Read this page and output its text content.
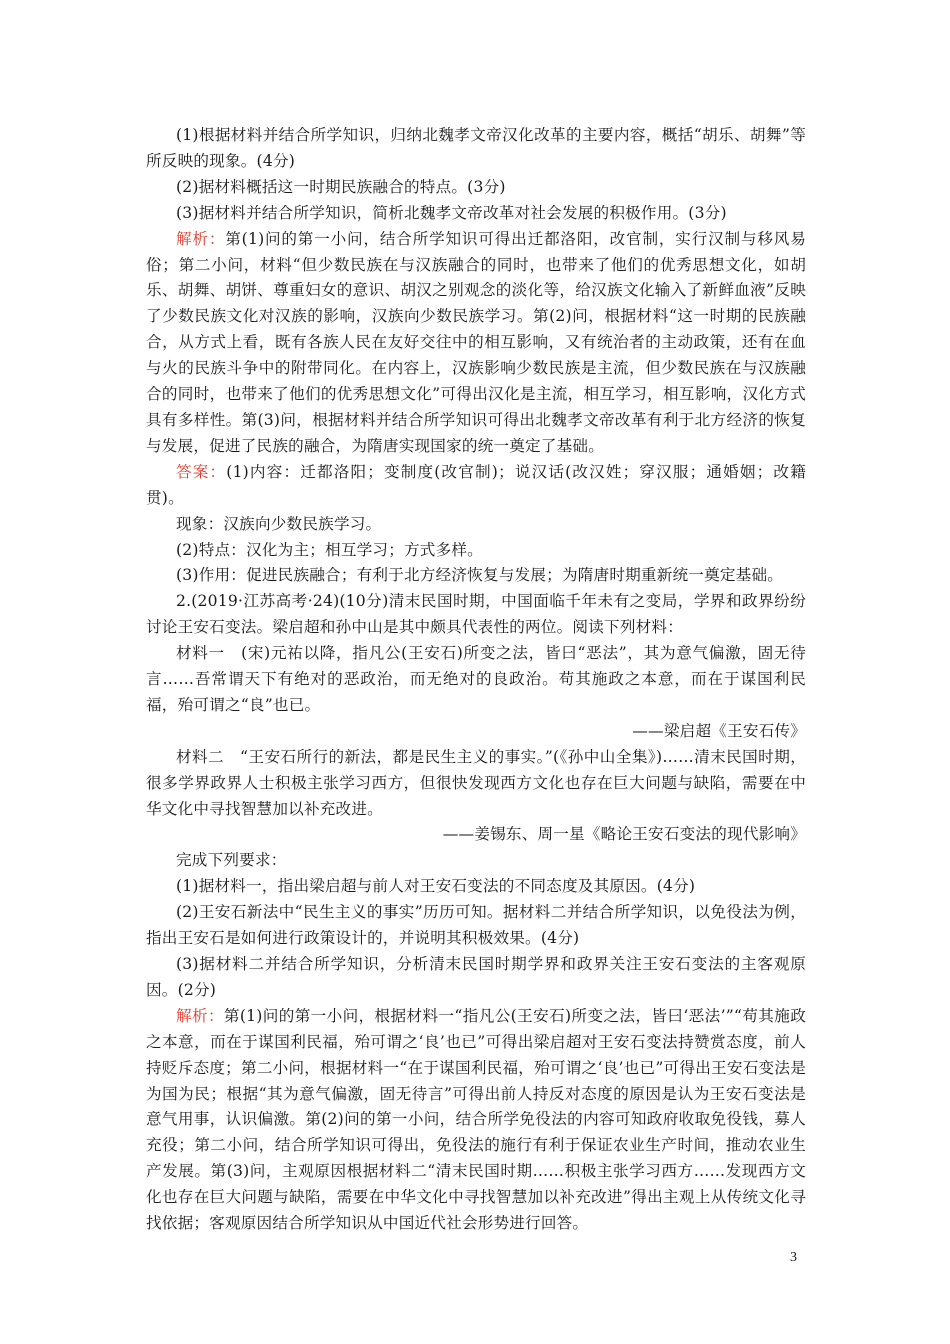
(1)根据材料并结合所学知识，归纳北魏孝文帝汉化改革的主要内容，概括“胡乐、胡舞”等所反映的现象。(4分)

(2)据材料概括这一时期民族融合的特点。(3分)

(3)据材料并结合所学知识，简析北魏孝文帝改革对社会发展的积极作用。(3分)

解析：第(1)问的第一小问，结合所学知识可得出迁都洛阳，改官制，实行汉制与移风易俗；第二小问，材料“但少数民族在与汉族融合的同时，也带来了他们的优秀思想文化，如胡乐、胡舞、胡饼、尊重妇女的意识、胡汉之别观念的淡化等，给汉族文化输入了新鲜血液”反映了少数民族文化对汉族的影响，汉族向少数民族学习。第(2)问，根据材料“这一时期的民族融合，从方式上看，既有各族人民在友好交往中的相互影响，又有统治者的主动政策，还有在血与火的民族斗争中的附带同化。在内容上，汉族影响少数民族是主流，但少数民族在与汉族融合的同时，也带来了他们的优秀思想文化”可得出汉化是主流，相互学习，相互影响，汉化方式具有多样性。第(3)问，根据材料并结合所学知识可得出北魏孝文帝改革有利于北方经济的恢复与发展，促进了民族的融合，为隋唐实现国家的统一奠定了基础。

答案：(1)内容：迁都洛阳；变制度(改官制)；说汉话(改汉姓；穿汉服；通婚姻；改籍贯)。

现象：汉族向少数民族学习。

(2)特点：汉化为主；相互学习；方式多样。

(3)作用：促进民族融合；有利于北方经济恢复与发展；为隋唐时期重新统一奠定基础。

2.(2019·江苏高考·24)(10分)清末民国时期，中国面临千年未有之变局，学界和政界纷纷讨论王安石变法。梁启超和孙中山是其中颇具代表性的两位。阅读下列材料：

材料一　(宋)元祐以降，指凡公(王安石)所变之法，皆曰“恶法”，其为意气偏激，固无待言……吾常谓天下有绝对的恶政治，而无绝对的良政治。苟其施政之本意，而在于谋国利民福，殆可谓之“良”也已。

——梁启超《王安石传》

材料二　“王安石所行的新法，都是民生主义的事实。”(《孙中山全集》)……清末民国时期，很多学界政界人士积极主张学习西方，但很快发现西方文化也存在巨大问题与缺陷，需要在中华文化中寻找智慧加以补充改进。

——姜锡东、周一星《略论王安石变法的现代影响》

完成下列要求：

(1)据材料一，指出梁启超与前人对王安石变法的不同态度及其原因。(4分)

(2)王安石新法中“民生主义的事实”历历可知。据材料二并结合所学知识，以免役法为例，指出王安石是如何进行政策设计的，并说明其积极效果。(4分)

(3)据材料二并结合所学知识，分析清末民国时期学界和政界关注王安石变法的主客观原因。(2分)

解析：第(1)问的第一小问，根据材料一“指凡公(王安石)所变之法，皆曰‘恶法’”“苟其施政之本意，而在于谋国利民福，殆可谓之‘良’也已”可得出梁启超对王安石变法持赞赏态度，前人持贬斥态度；第二小问，根据材料一“在于谋国利民福，殆可谓之‘良’也已”可得出王安石变法是为国为民；根据“其为意气偏激，固无待言”可得出前人持反对态度的原因是认为王安石变法是意气用事，认识偏激。第(2)问的第一小问，结合所学免役法的内容可知政府收取免役钱，募人充役；第二小问，结合所学知识可得出，免役法的施行有利于保证农业生产时间，推动农业生产发展。第(3)问，主观原因根据材料二“清末民国时期……积极主张学习西方……发现西方文化也存在巨大问题与缺陷，需要在中华文化中寻找智慧加以补充改进”得出主观上从传统文化寻找依据；客观原因结合所学知识从中国近代社会形势进行回答。

3
